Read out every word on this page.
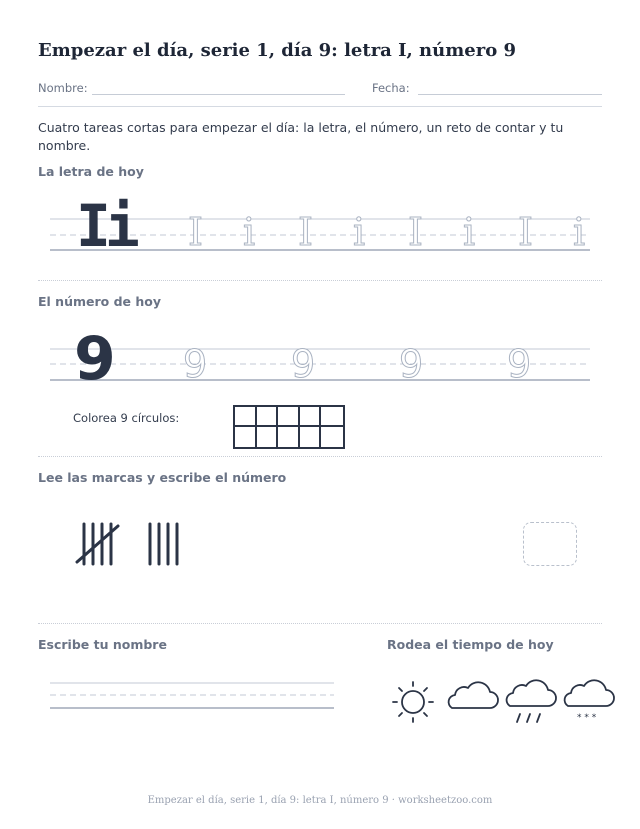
Empezar el día, serie 1, día 9: letra I, número 9
Nombre:	Fecha:
Cuatro tareas cortas para empezar el día: la letra, el número, un reto de contar y tu nombre.
La letra de hoy
Ii I i I i I i I i
El número de hoy
9 9 9 9 9
Colorea 9 círculos:
Lee las marcas y escribe el número
Escribe tu nombre	Rodea el tiempo de hoy
* * *
Empezar el día, serie 1, día 9: letra I, número 9 · worksheetzoo.com
